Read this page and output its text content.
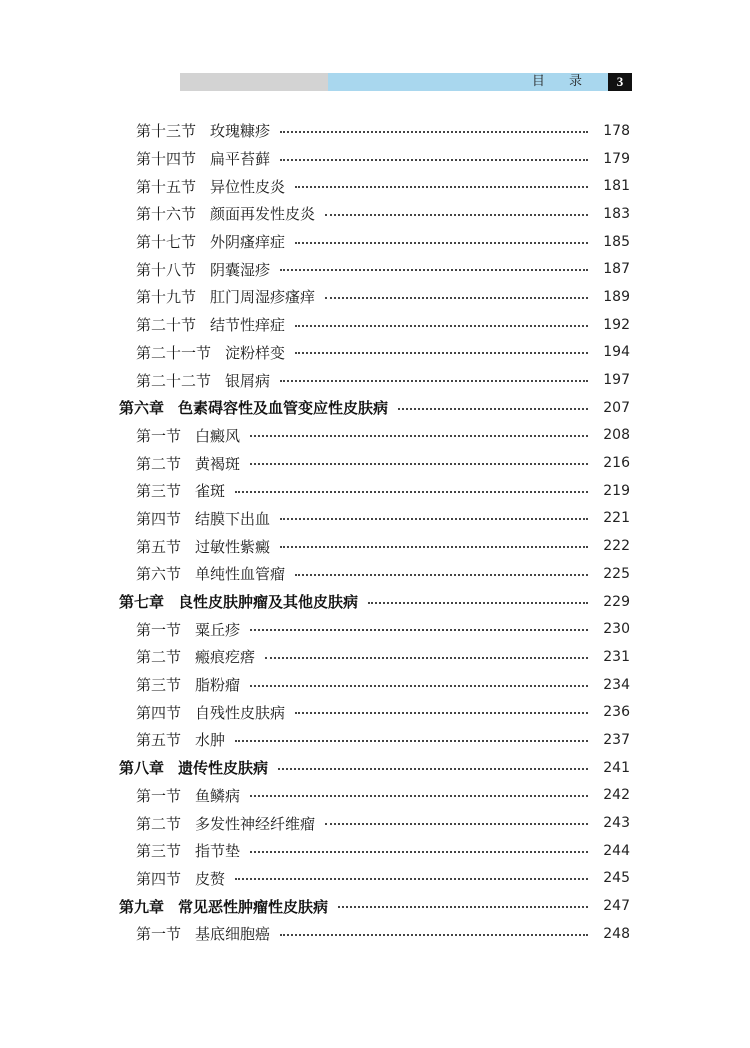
目 录	3
第十三节 玫瑰糠疹	178
第十四节 扁平苔藓	179
第十五节 异位性皮炎	181
第十六节 颜面再发性皮炎	183
第十七节 外阴瘙痒症	185
第十八节 阴囊湿疹	187
第十九节 肛门周湿疹瘙痒	189
第二十节 结节性痒症	192
第二十一节 淀粉样变	194
第二十二节 银屑病	197
第六章 色素碍容性及血管变应性皮肤病	207
第一节 白癜风	208
第二节 黄褐斑	216
第三节 雀斑	219
第四节 结膜下出血	221
第五节 过敏性紫癜	222
第六节 单纯性血管瘤	225
第七章 良性皮肤肿瘤及其他皮肤病	229
第一节 粟丘疹	230
第二节 瘢痕疙瘩	231
第三节 脂粉瘤	234
第四节 自残性皮肤病	236
第五节 水肿	237
第八章 遗传性皮肤病	241
第一节 鱼鳞病	242
第二节 多发性神经纤维瘤	243
第三节 指节垫	244
第四节 皮赘	245
第九章 常见恶性肿瘤性皮肤病	247
第一节 基底细胞癌	248
